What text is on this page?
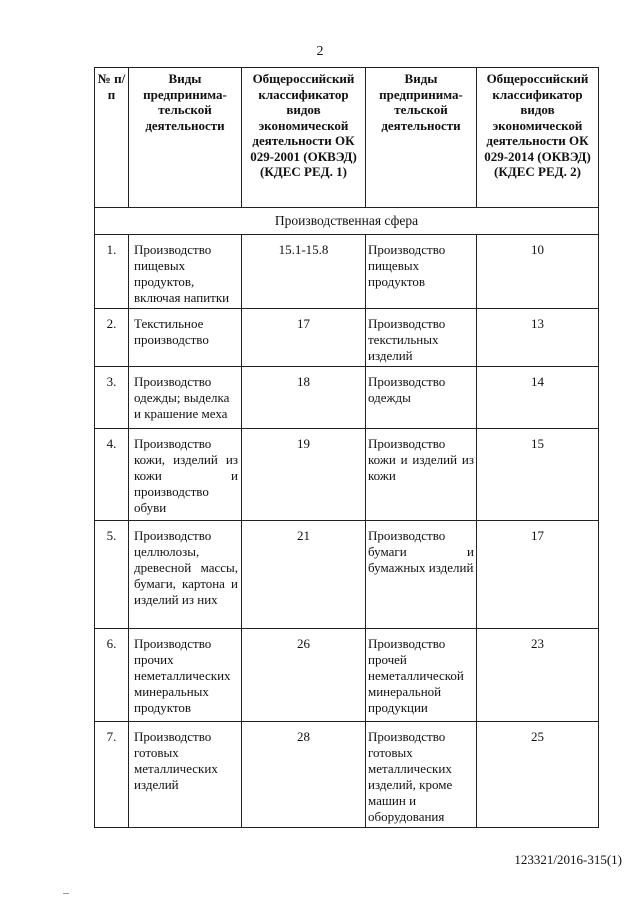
2
№ п/п	Виды предпринима-тельской деятельности	Общероссийский классификатор видов экономической деятельности ОК 029-2001 (ОКВЭД) (КДЕС РЕД. 1)	Виды предпринима-тельской деятельности	Общероссийский классификатор видов экономической деятельности ОК 029-2014 (ОКВЭД) (КДЕС РЕД. 2)
Производственная сфера				
1.	Производство пищевых продуктов, включая напитки	15.1-15.8	Производство пищевых продуктов	10
2.	Текстильное производство	17	Производство текстильных изделий	13
3.	Производство одежды; выделка и крашение меха	18	Производство одежды	14
4.	Производство кожи, изделий из кожи и производство обуви	19	Производство кожи и изделий из кожи	15
5.	Производство целлюлозы, древесной массы, бумаги, картона и изделий из них	21	Производство бумаги и бумажных изделий	17
6.	Производство прочих неметаллических минеральных продуктов	26	Производство прочей неметаллической минеральной продукции	23
7.	Производство готовых металлических изделий	28	Производство готовых металлических изделий, кроме машин и оборудования	25
123321/2016-315(1)
